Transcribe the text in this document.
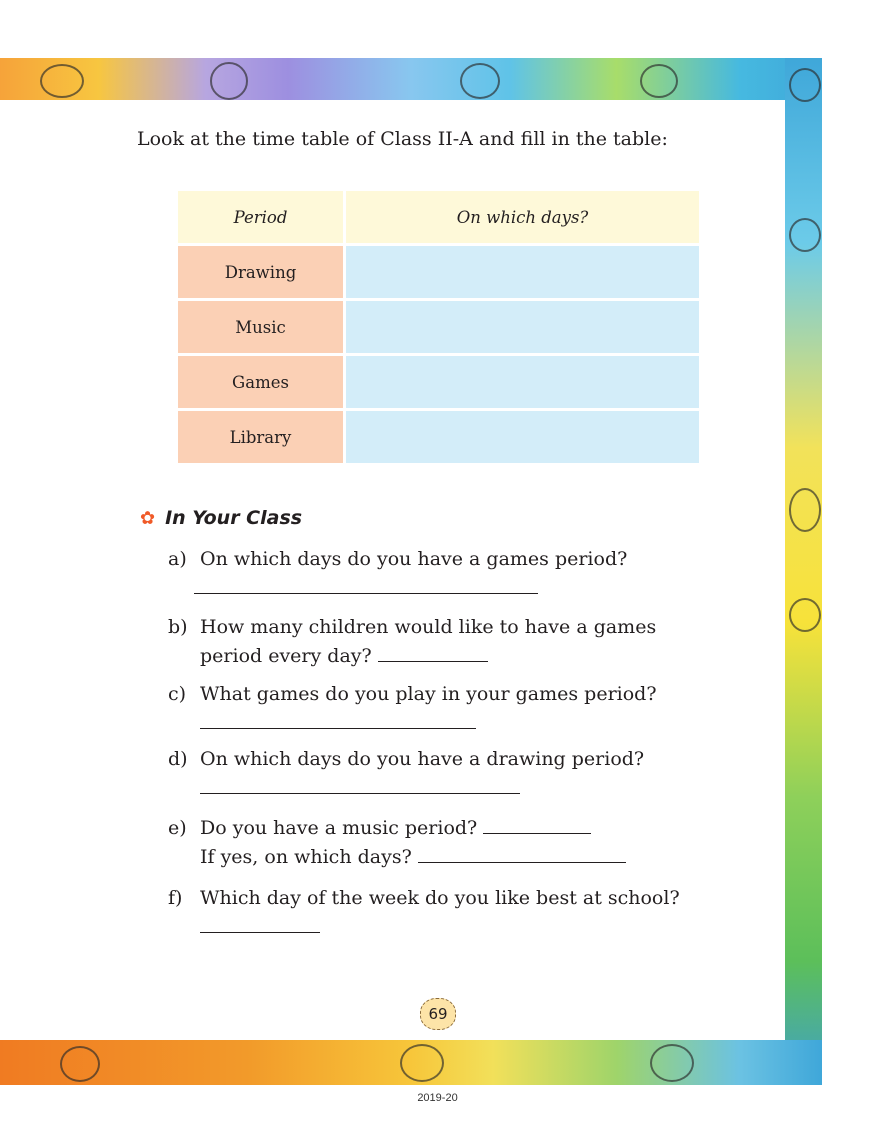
Look at the time table of Class II-A and fill in the table:
Period	On which days?
Drawing	
Music	
Games	
Library	
✿ In Your Class
a) On which days do you have a games period?
b) How many children would like to have a games
period every day?
c) What games do you play in your games period?
d) On which days do you have a drawing period?
e) Do you have a music period?
If yes, on which days?
f) Which day of the week do you like best at school?
69
2019-20
